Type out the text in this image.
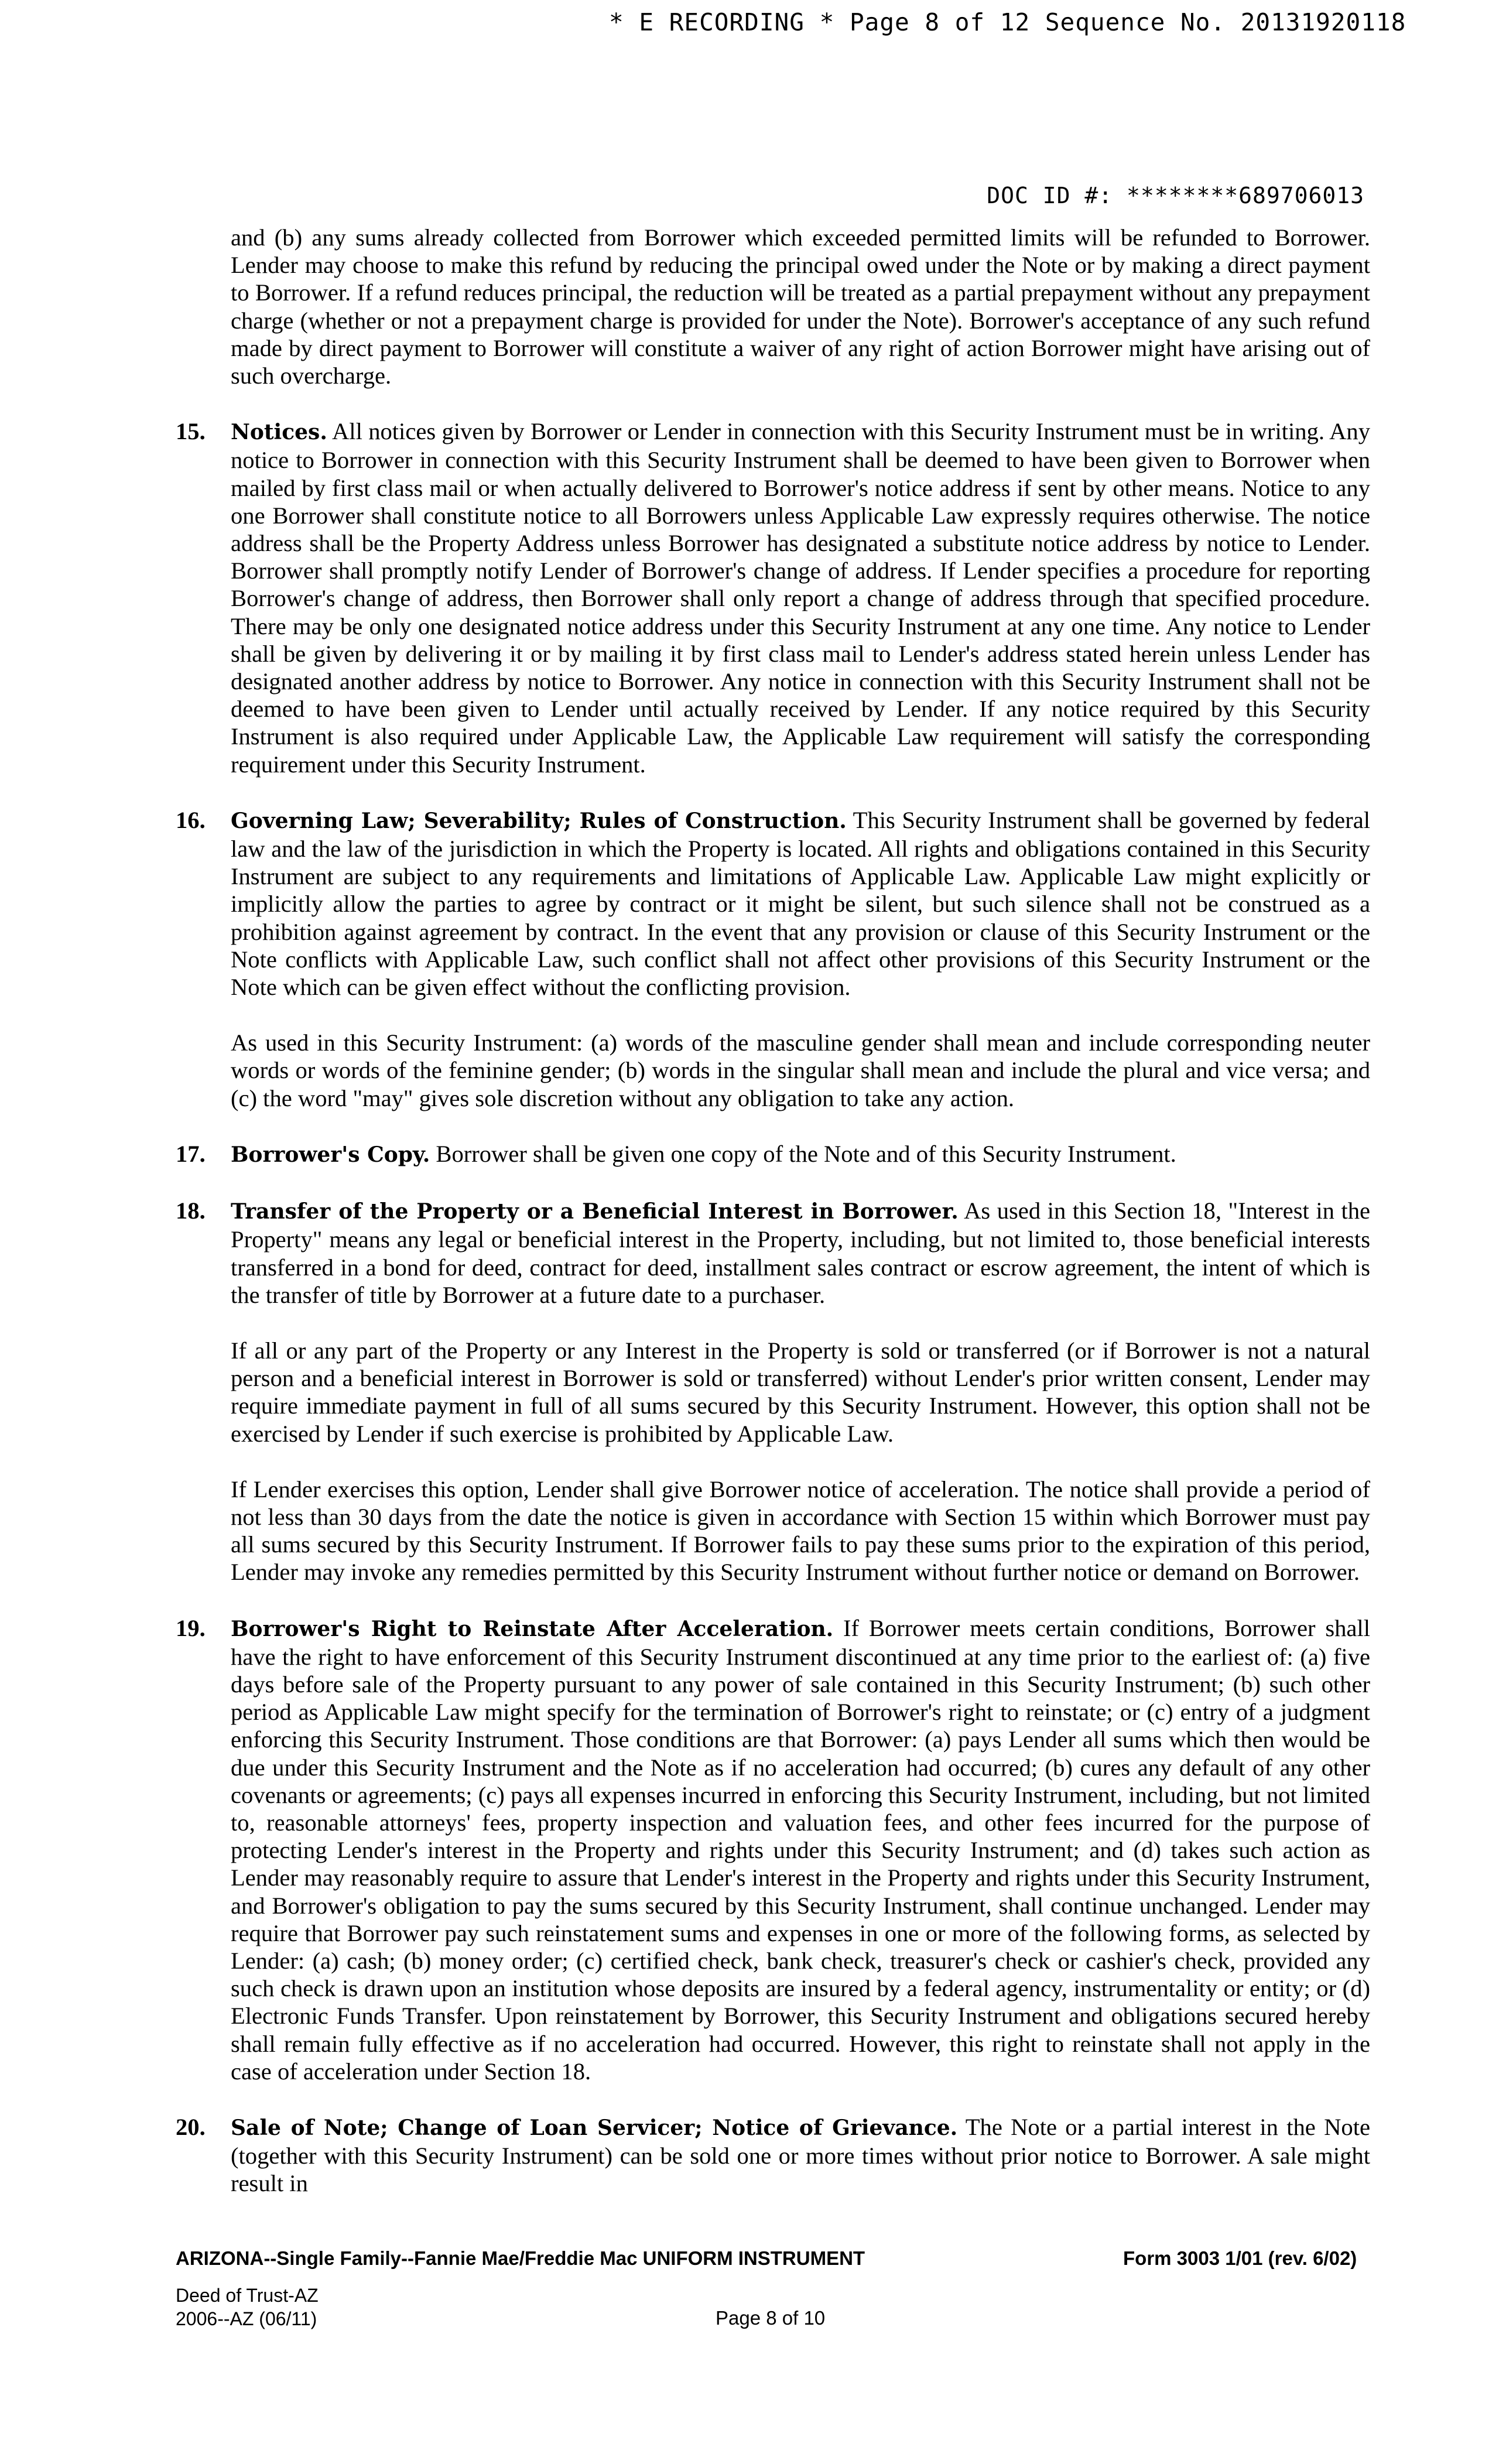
* E RECORDING * Page 8 of 12 Sequence No. 20131920118
DOC ID #: ********689706013

and (b) any sums already collected from Borrower which exceeded permitted limits will be refunded to Borrower. Lender may choose to make this refund by reducing the principal owed under the Note or by making a direct payment to Borrower. If a refund reduces principal, the reduction will be treated as a partial prepayment without any prepayment charge (whether or not a prepayment charge is provided for under the Note). Borrower's acceptance of any such refund made by direct payment to Borrower will constitute a waiver of any right of action Borrower might have arising out of such overcharge.

15.	Notices. All notices given by Borrower or Lender in connection with this Security Instrument must be in writing. Any notice to Borrower in connection with this Security Instrument shall be deemed to have been given to Borrower when mailed by first class mail or when actually delivered to Borrower's notice address if sent by other means. Notice to any one Borrower shall constitute notice to all Borrowers unless Applicable Law expressly requires otherwise. The notice address shall be the Property Address unless Borrower has designated a substitute notice address by notice to Lender. Borrower shall promptly notify Lender of Borrower's change of address. If Lender specifies a procedure for reporting Borrower's change of address, then Borrower shall only report a change of address through that specified procedure. There may be only one designated notice address under this Security Instrument at any one time. Any notice to Lender shall be given by delivering it or by mailing it by first class mail to Lender's address stated herein unless Lender has designated another address by notice to Borrower. Any notice in connection with this Security Instrument shall not be deemed to have been given to Lender until actually received by Lender. If any notice required by this Security Instrument is also required under Applicable Law, the Applicable Law requirement will satisfy the corresponding requirement under this Security Instrument.

16.	Governing Law; Severability; Rules of Construction. This Security Instrument shall be governed by federal law and the law of the jurisdiction in which the Property is located. All rights and obligations contained in this Security Instrument are subject to any requirements and limitations of Applicable Law. Applicable Law might explicitly or implicitly allow the parties to agree by contract or it might be silent, but such silence shall not be construed as a prohibition against agreement by contract. In the event that any provision or clause of this Security Instrument or the Note conflicts with Applicable Law, such conflict shall not affect other provisions of this Security Instrument or the Note which can be given effect without the conflicting provision.

As used in this Security Instrument: (a) words of the masculine gender shall mean and include corresponding neuter words or words of the feminine gender; (b) words in the singular shall mean and include the plural and vice versa; and (c) the word "may" gives sole discretion without any obligation to take any action.

17.	Borrower's Copy. Borrower shall be given one copy of the Note and of this Security Instrument.

18.	Transfer of the Property or a Beneficial Interest in Borrower. As used in this Section 18, "Interest in the Property" means any legal or beneficial interest in the Property, including, but not limited to, those beneficial interests transferred in a bond for deed, contract for deed, installment sales contract or escrow agreement, the intent of which is the transfer of title by Borrower at a future date to a purchaser.

If all or any part of the Property or any Interest in the Property is sold or transferred (or if Borrower is not a natural person and a beneficial interest in Borrower is sold or transferred) without Lender's prior written consent, Lender may require immediate payment in full of all sums secured by this Security Instrument. However, this option shall not be exercised by Lender if such exercise is prohibited by Applicable Law.

If Lender exercises this option, Lender shall give Borrower notice of acceleration. The notice shall provide a period of not less than 30 days from the date the notice is given in accordance with Section 15 within which Borrower must pay all sums secured by this Security Instrument. If Borrower fails to pay these sums prior to the expiration of this period, Lender may invoke any remedies permitted by this Security Instrument without further notice or demand on Borrower.

19.	Borrower's Right to Reinstate After Acceleration. If Borrower meets certain conditions, Borrower shall have the right to have enforcement of this Security Instrument discontinued at any time prior to the earliest of: (a) five days before sale of the Property pursuant to any power of sale contained in this Security Instrument; (b) such other period as Applicable Law might specify for the termination of Borrower's right to reinstate; or (c) entry of a judgment enforcing this Security Instrument. Those conditions are that Borrower: (a) pays Lender all sums which then would be due under this Security Instrument and the Note as if no acceleration had occurred; (b) cures any default of any other covenants or agreements; (c) pays all expenses incurred in enforcing this Security Instrument, including, but not limited to, reasonable attorneys' fees, property inspection and valuation fees, and other fees incurred for the purpose of protecting Lender's interest in the Property and rights under this Security Instrument; and (d) takes such action as Lender may reasonably require to assure that Lender's interest in the Property and rights under this Security Instrument, and Borrower's obligation to pay the sums secured by this Security Instrument, shall continue unchanged. Lender may require that Borrower pay such reinstatement sums and expenses in one or more of the following forms, as selected by Lender: (a) cash; (b) money order; (c) certified check, bank check, treasurer's check or cashier's check, provided any such check is drawn upon an institution whose deposits are insured by a federal agency, instrumentality or entity; or (d) Electronic Funds Transfer. Upon reinstatement by Borrower, this Security Instrument and obligations secured hereby shall remain fully effective as if no acceleration had occurred. However, this right to reinstate shall not apply in the case of acceleration under Section 18.

20.	Sale of Note; Change of Loan Servicer; Notice of Grievance. The Note or a partial interest in the Note (together with this Security Instrument) can be sold one or more times without prior notice to Borrower. A sale might result in

ARIZONA--Single Family--Fannie Mae/Freddie Mac UNIFORM INSTRUMENT	Form 3003 1/01 (rev. 6/02)
Deed of Trust-AZ
2006--AZ (06/11)	Page 8 of 10
